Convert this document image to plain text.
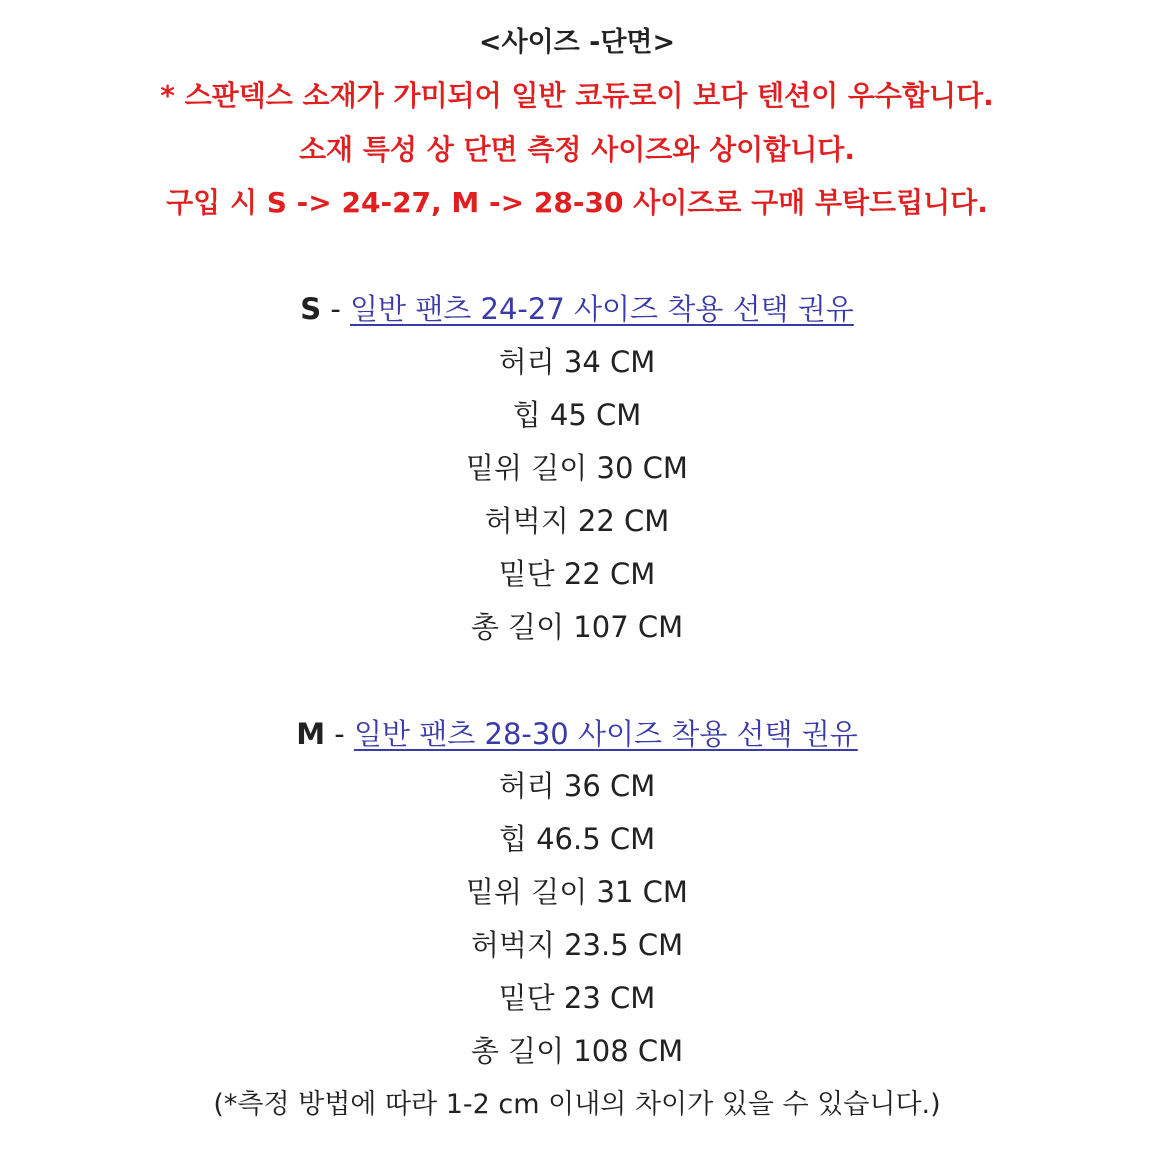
<사이즈 -단면>
* 스판덱스 소재가 가미되어 일반 코듀로이 보다 텐션이 우수합니다.
소재 특성 상 단면 측정 사이즈와 상이합니다.
구입 시 S -> 24-27, M -> 28-30 사이즈로 구매 부탁드립니다.
S - 일반 팬츠 24-27 사이즈 착용 선택 권유
허리 34 CM
힙 45 CM
밑위 길이 30 CM
허벅지 22 CM
밑단 22 CM
총 길이 107 CM
M - 일반 팬츠 28-30 사이즈 착용 선택 권유
허리 36 CM
힙 46.5 CM
밑위 길이 31 CM
허벅지 23.5 CM
밑단 23 CM
총 길이 108 CM
(*측정 방법에 따라 1-2 cm 이내의 차이가 있을 수 있습니다.)
